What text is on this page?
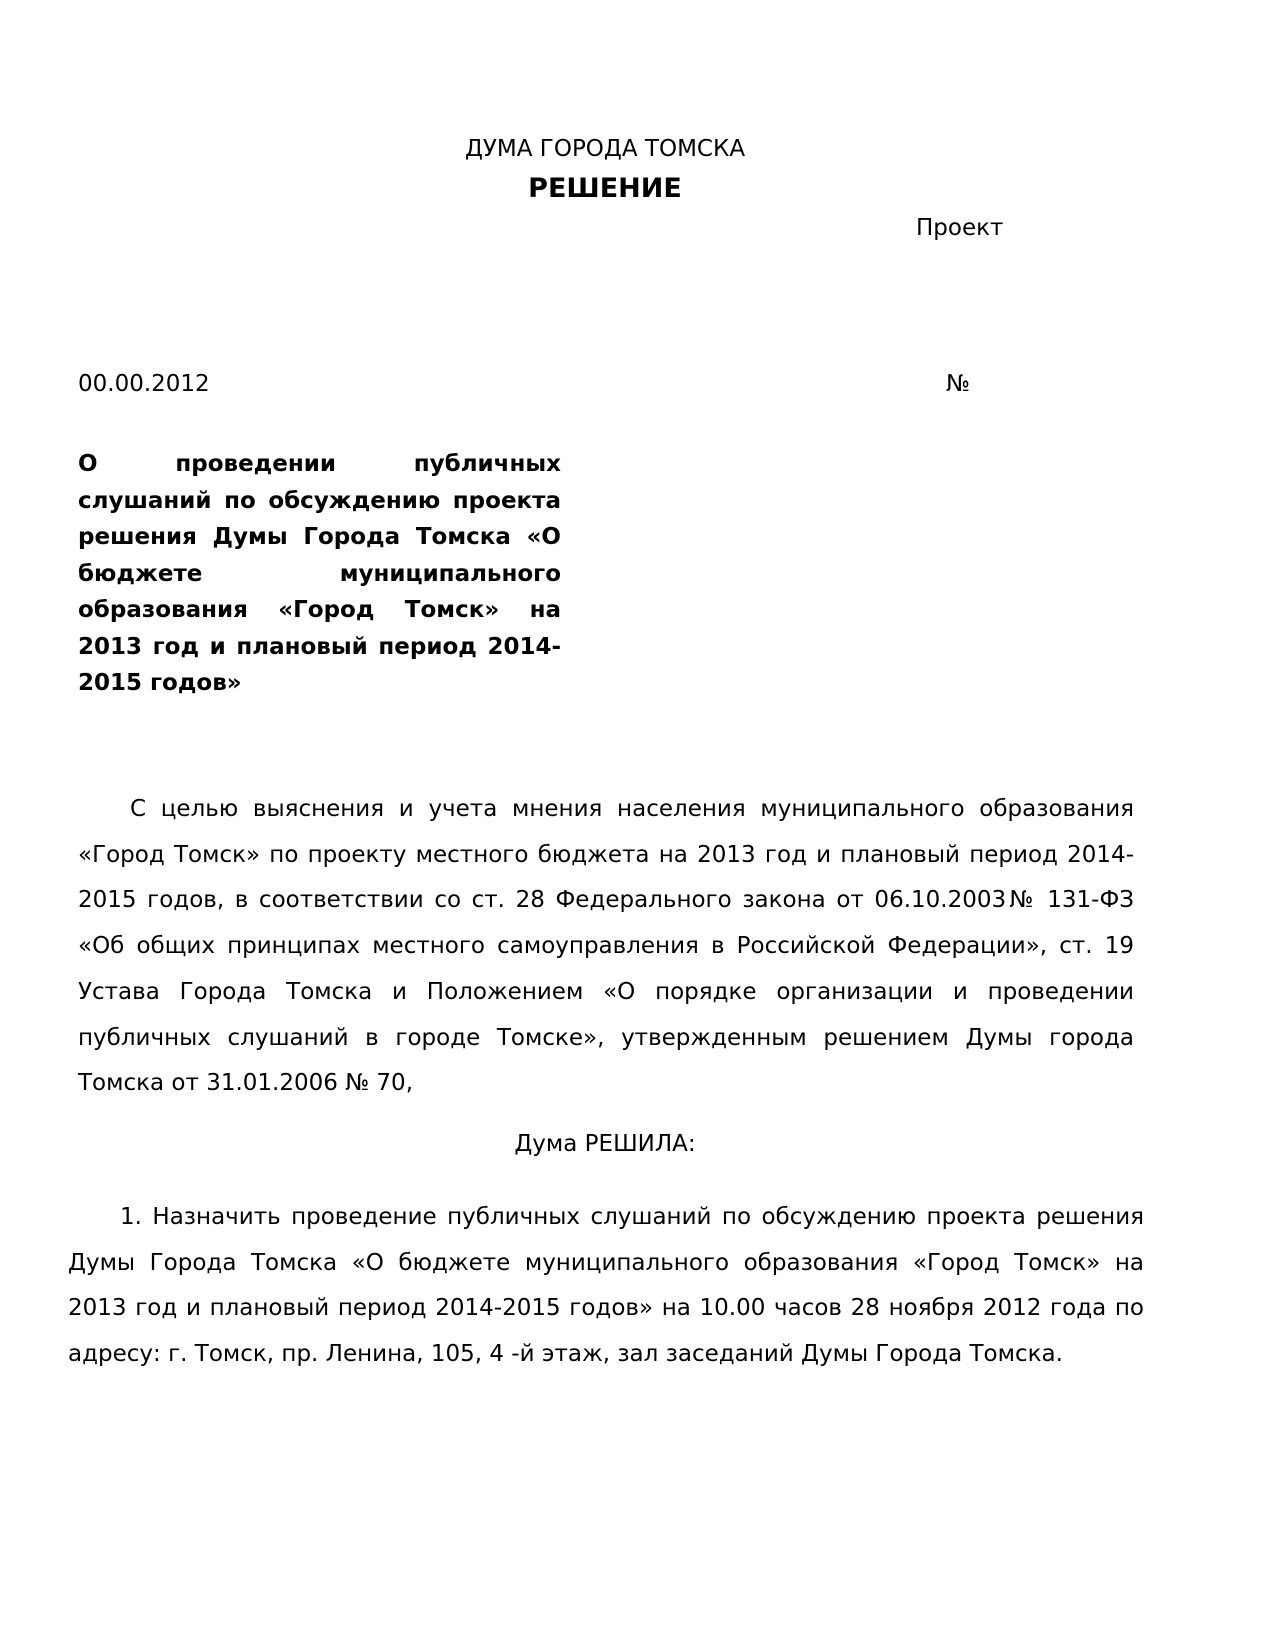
ДУМА ГОРОДА ТОМСКА
РЕШЕНИЕ
Проект
00.00.2012	№
О проведении публичных слушаний по обсуждению проекта решения Думы Города Томска «О бюджете муниципального образования «Город Томск» на 2013 год и плановый период 2014-2015 годов»
С целью выяснения и учета мнения населения муниципального образования «Город Томск» по проекту местного бюджета на 2013 год и плановый период 2014-2015 годов, в соответствии со ст. 28 Федерального закона от 06.10.2003№ 131-ФЗ «Об общих принципах местного самоуправления в Российской Федерации», ст. 19 Устава Города Томска и Положением «О порядке организации и проведении публичных слушаний в городе Томске», утвержденным решением Думы города Томска от 31.01.2006 № 70,
Дума РЕШИЛА:
1. Назначить проведение публичных слушаний по обсуждению проекта решения Думы Города Томска «О бюджете муниципального образования «Город Томск» на 2013 год и плановый период 2014-2015 годов» на 10.00 часов 28 ноября 2012 года по адресу: г. Томск, пр. Ленина, 105, 4 -й этаж, зал заседаний Думы Города Томска.
